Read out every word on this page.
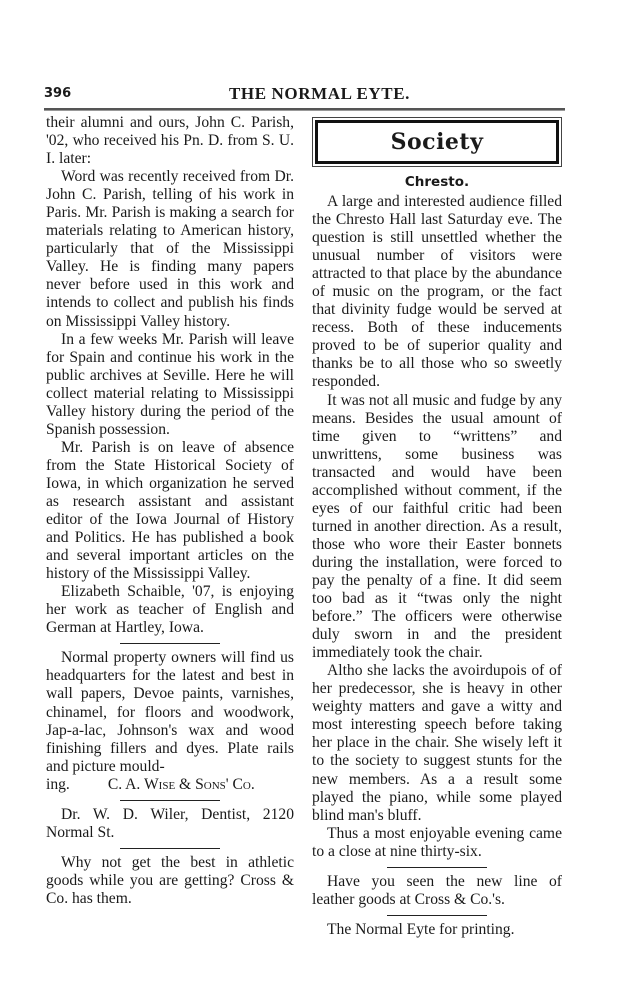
396	THE NORMAL EYTE.

their alumni and ours, John C. Parish, '02, who received his Pn. D. from S. U. I. later:

Word was recently received from Dr. John C. Parish, telling of his work in Paris. Mr. Parish is making a search for materials relating to American history, particularly that of the Mississippi Valley. He is finding many papers never before used in this work and intends to collect and publish his finds on Mississippi Valley history.

In a few weeks Mr. Parish will leave for Spain and continue his work in the public archives at Seville. Here he will collect material relating to Mississippi Valley history during the period of the Spanish possession.

Mr. Parish is on leave of absence from the State Historical Society of Iowa, in which organization he served as research assistant and assistant editor of the Iowa Journal of History and Politics. He has published a book and several important articles on the history of the Mississippi Valley.

Elizabeth Schaible, '07, is enjoying her work as teacher of English and German at Hartley, Iowa.

Normal property owners will find us headquarters for the latest and best in wall papers, Devoe paints, varnishes, chinamel, for floors and woodwork, Jap-a-lac, Johnson's wax and wood finishing fillers and dyes. Plate rails and picture mould-

ing. C. A. Wise & Sons' Co.

Dr. W. D. Wiler, Dentist, 2120 Normal St.

Why not get the best in athletic goods while you are getting? Cross & Co. has them.

Society
Chresto.

A large and interested audience filled the Chresto Hall last Saturday eve. The question is still unsettled whether the unusual number of visitors were attracted to that place by the abundance of music on the program, or the fact that divinity fudge would be served at recess. Both of these inducements proved to be of superior quality and thanks be to all those who so sweetly responded.

It was not all music and fudge by any means. Besides the usual amount of time given to “writtens” and unwrittens, some business was transacted and would have been accomplished without comment, if the eyes of our faithful critic had been turned in another direction. As a result, those who wore their Easter bonnets during the installation, were forced to pay the penalty of a fine. It did seem too bad as it “twas only the night before.” The officers were otherwise duly sworn in and the president immediately took the chair.

Altho she lacks the avoirdupois of of her predecessor, she is heavy in other weighty matters and gave a witty and most interesting speech before taking her place in the chair. She wisely left it to the society to suggest stunts for the new members. As a a result some played the piano, while some played blind man's bluff.

Thus a most enjoyable evening came to a close at nine thirty-six.

Have you seen the new line of leather goods at Cross & Co.'s.

The Normal Eyte for printing.
